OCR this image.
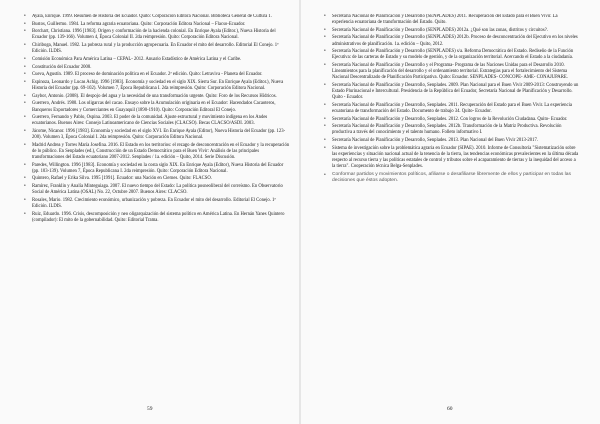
• Ayala, Enrique. 1999. Resumen de Historia del Ecuador. Quito: Corporación Editora Nacional. Biblioteca General de Cultura 1.
• Bustos, Guillermo. 1984. La reforma agraria ecuatoriana. Quito: Corporación Editora Nacional – Flacso-Ecuador.
• Borchart, Christiana. 1996 [1983]. Origen y conformación de la hacienda colonial. En Enrique Ayala (Editor.), Nueva Historia del Ecuador (pp. 139-166). Volumen 4, Época Colonial II. 2da reimpresión. Quito: Corporación Editora Nacional.
• Chiriboga, Manuel. 1982. La pobreza rural y la producción agropecuaria. En Ecuador el mito del desarrollo. Editorial El Conejo. 1ª Edición. ILDIS.
• Comisión Económica Para América Latina – CEPAL- 2012. Anuario Estadístico de América Latina y el Caribe.
• Constitución del Ecuador 2008.
• Cueva, Agustín. 1989. El proceso de dominación política en el Ecuador. 2ª edición. Quito: Letraviva - Planeta del Ecuador.
• Espinoza, Leonardo y Lucas Achig. 1996 [1983]. Economía y sociedad en el siglo XIX. Sierra Sur. En Enrique Ayala (Editor.), Nueva Historia del Ecuador (pp. 69-102). Volumen 7, Época Republicana I. 2da reimpresión. Quito: Corporación Editora Nacional.
• Gaybor, Antonio. (2008). El despojo del agua y la necesidad de una transformación urgente. Quito: Foro de los Recursos Hídricos.
• Guerrero, Andrés. 1980. Los oligarcas del cacao. Ensayo sobre la Acumulación originaria en el Ecuador: Hacendados Cacaoteros, Banqueros Exportadores y Comerciantes en Guayaquil (1890-1910). Quito: Corporación Editoral El Conejo.
• Guerrero, Fernando y Pablo, Ospina. 2003. El poder de la comunidad. Ajuste estructural y movimiento indígena en los Andes ecuatorianos. Buenos Aires: Consejo Latinoamericano de Ciencias Sociales (CLACSO). Becas CLACSO/ASDI. 2003.
• Jácome, Nicanor. 1996 [1983]. Economía y sociedad en el siglo XVI. En Enrique Ayala (Editor), Nueva Historia del Ecuador (pp. 123-200). Volumen 3, Época Colonial I. 2da reimpresión. Quito: Corporación Editora Nacional.
• Madrid Andrea y Torres María Josefina. 2016. El Estado en los territorios: el rezago de desconcentración en el Ecuador y la recuperación de lo público. En Senplades (ed.), Construcción de un Estado Democrático para el Buen Vivir: Análisis de las principales transformaciones del Estado ecuatoriano 2007-2012. Senplades / 1a. edición – Quito, 2014. Serie Discusión.
• Paredes, Willington. 1996 [1983]. Economía y sociedad en la costa siglo XIX. En Enrique Ayala (Editor), Nueva Historia del Ecuador (pp. 103-139). Volumen 7, Época Republicana I. 2da reimpresión. Quito: Corporación Editora Nacional.
• Quintero, Rafael y Erika Silva. 1995 [1991]. Ecuador: una Nación en Ciernes. Quito: FLACSO.
• Ramírez, Franklin y Analía Minteguiaga. 2007. El nuevo tiempo del Estado: La política posneoliberal del correísmo. En Observatorio Social de América Latina (OSAL) No. 22, Octubre 2007. Buenos Aires: CLACSO.
• Rosales, Mario. 1982. Crecimiento económico, urbanización y pobreza. En Ecuador el mito del desarrollo. Editorial El Conejo. 1ª Edición. ILDIS.
• Ruiz, Eduardo. 1996. Crisis, descomposición y neo oligarquización del sistema político en América Latina. En Hernán Yanes Quintero (compilador): El mito de la gobernabilidad. Quito: Editorial Trama.
• Secretaría Nacional de Planificación y Desarrollo (SENPLADES) 2011. Recuperación del Estado para el Buen Vivir. La experiencia ecuatoriana de transformación del Estado. Quito.
• Secretaría Nacional de Planificación y Desarrollo (SENPLADES) 2012a. ¿Qué son las zonas, distritos y circuitos?.
• Secretaría Nacional de Planificación y Desarrollo (SENPLADES) 2012b. Proceso de desconcentración del Ejecutivo en los niveles administrativos de planificación. 1a. edición – Quito, 2012.
• Secretaría Nacional de Planificación y Desarrollo (SENPLADES) s/a. Reforma Democrática del Estado. Rediseño de la Función Ejecutiva: de las carteras de Estado y su modelo de gestión, y de la organización territorial. Acercando el Estado a la ciudadanía.
• Secretaría Nacional de Planificación y Desarrollo y el Programa- Programa de las Naciones Unidas para el Desarrollo 2010. Lineamientos para la planificación del desarrollo y el ordenamiento territorial. Estrategias para el fortalecimiento del Sistema Nacional Descentralizado de Planificación Participativa. Quito: Ecuador. SENPLADES- CONCOPE- AME- CONAJUPARE.
• Secretaría Nacional de Planificación y Desarrollo, Senplades. 2009. Plan Nacional para el Buen Vivir 2009-2013: Construyendo un Estado Plurinacional e Intercultural. Presidencia de la República del Ecuador, Secretaría Nacional de Planificación y Desarrollo. Quito - Ecuador.
• Secretaría Nacional de Planificación y Desarrollo, Senplades. 2011. Recuperación del Estado para el Buen Vivir. La experiencia ecuatoriana de transformación del Estado. Documento de trabajo 34. Quito- Ecuador.
• Secretaría Nacional de Planificación y Desarrollo, Senplades. 2012. Con logros de la Revolución Ciudadana. Quito- Ecuador.
• Secretaría Nacional de Planificación y Desarrollo, Senplades. 2012b. Transformación de la Matriz Productiva. Revolución productiva a través del conocimiento y el talento humano. Folleto informativo I.
• Secretaría Nacional de Planificación y Desarrollo, Senplades. 2013. Plan Nacional del Buen Vivir 2013-2017.
• Sistema de investigación sobre la problemática agraria en Ecuador (SIPAE). 2010. Informe de Consultoría "Sistematización sobre las experiencias y situación nacional actual de la tenencia de la tierra, las tendencias económicas prevalecientes en la última década respecto al recurso tierra y las políticas estatales de control y tributos sobre el acaparamiento de tierras y la inequidad del acceso a la tierra". Cooperación técnica Belga-Senplades.
• Conformar partidos y movimientos políticos, afiliarse o desafiliarse libremente de ellos y participar en todas las decisiones que éstos adopten.
59	60
